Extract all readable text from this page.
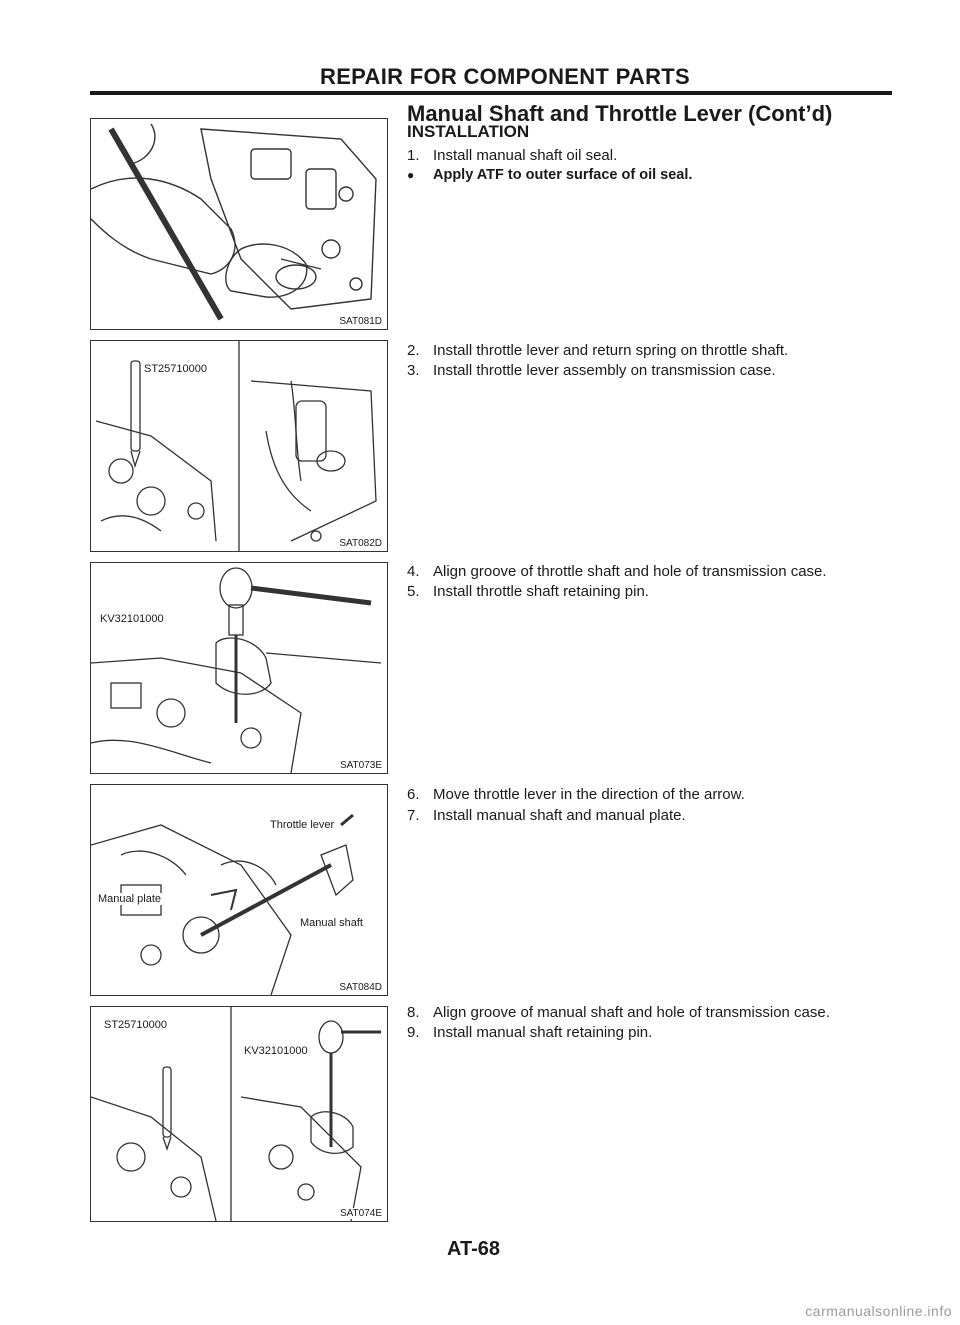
REPAIR FOR COMPONENT PARTS
Manual Shaft and Throttle Lever (Cont’d)
INSTALLATION
1. Install manual shaft oil seal.
● Apply ATF to outer surface of oil seal.
2. Install throttle lever and return spring on throttle shaft.
3. Install throttle lever assembly on transmission case.
4. Align groove of throttle shaft and hole of transmission case.
5. Install throttle shaft retaining pin.
6. Move throttle lever in the direction of the arrow.
7. Install manual shaft and manual plate.
8. Align groove of manual shaft and hole of transmission case.
9. Install manual shaft retaining pin.
SAT081D
ST25710000
SAT082D
KV32101000
SAT073E
Throttle lever
Manual plate
Manual shaft
SAT084D
ST25710000
KV32101000
SAT074E
AT-68
carmanualsonline.info
